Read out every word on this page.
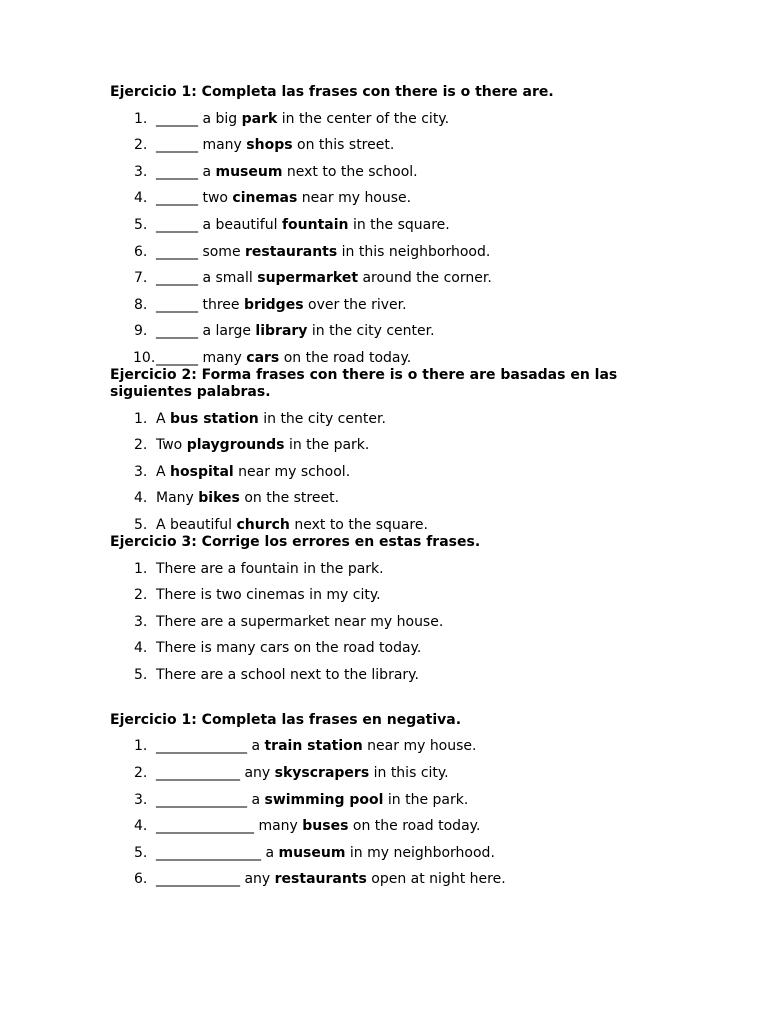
Ejercicio 1: Completa las frases con there is o there are.

1. ______ a big park in the center of the city.
2. ______ many shops on this street.
3. ______ a museum next to the school.
4. ______ two cinemas near my house.
5. ______ a beautiful fountain in the square.
6. ______ some restaurants in this neighborhood.
7. ______ a small supermarket around the corner.
8. ______ three bridges over the river.
9. ______ a large library in the city center.
10. ______ many cars on the road today.

Ejercicio 2: Forma frases con there is o there are basadas en las
siguientes palabras.

1. A bus station in the city center.
2. Two playgrounds in the park.
3. A hospital near my school.
4. Many bikes on the street.
5. A beautiful church next to the square.

Ejercicio 3: Corrige los errores en estas frases.

1. There are a fountain in the park.
2. There is two cinemas in my city.
3. There are a supermarket near my house.
4. There is many cars on the road today.
5. There are a school next to the library.

Ejercicio 1: Completa las frases en negativa.

1. _____________ a train station near my house.
2. ____________ any skyscrapers in this city.
3. _____________ a swimming pool in the park.
4. ______________ many buses on the road today.
5. _______________ a museum in my neighborhood.
6. ____________ any restaurants open at night here.
